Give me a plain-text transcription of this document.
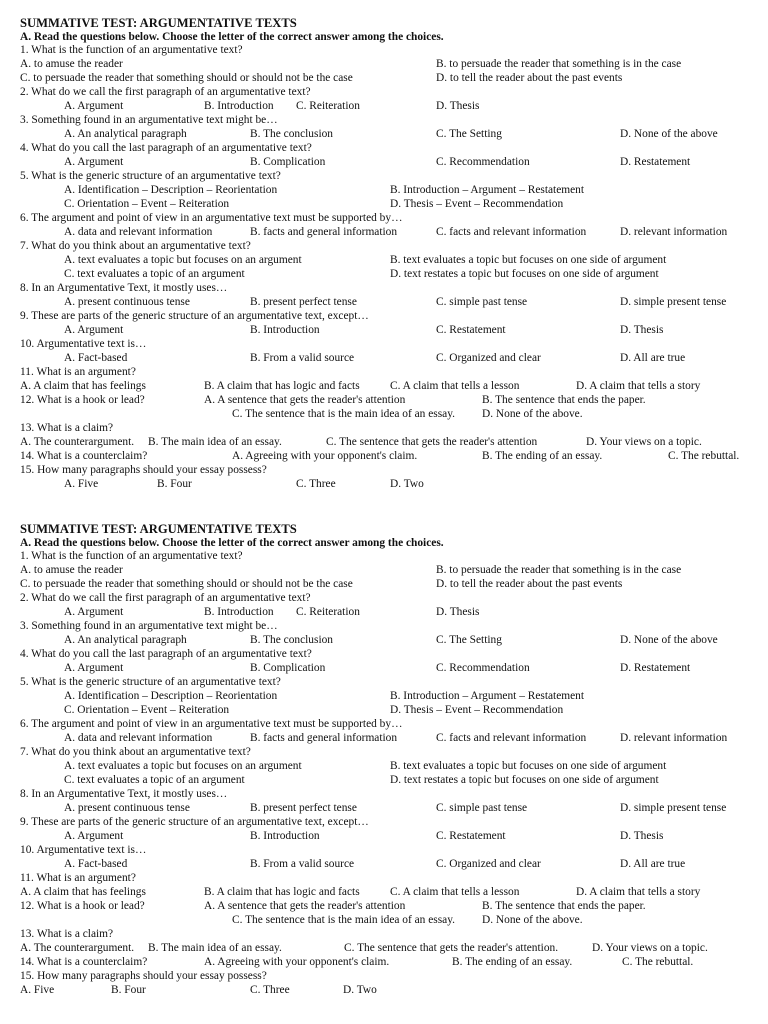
SUMMATIVE TEST: ARGUMENTATIVE TEXTS
A. Read the questions below. Choose the letter of the correct answer among the choices.
1. What is the function of an argumentative text?
A. to amuse the reader	B. to persuade the reader that something is in the case
C. to persuade the reader that something should or should not be the case	D. to tell the reader about the past events
2. What do we call the first paragraph of an argumentative text?
A. Argument	B. Introduction C. Reiteration	D. Thesis
3. Something found in an argumentative text might be…
A. An analytical paragraph	B. The conclusion	C. The Setting	D. None of the above
4. What do you call the last paragraph of an argumentative text?
A. Argument	B. Complication	C. Recommendation	D. Restatement
5. What is the generic structure of an argumentative text?
A. Identification – Description – Reorientation	B. Introduction – Argument – Restatement
C. Orientation – Event – Reiteration	D. Thesis – Event – Recommendation
6. The argument and point of view in an argumentative text must be supported by…
A. data and relevant information	B. facts and general information	C. facts and relevant information	D. relevant information
7. What do you think about an argumentative text?
A. text evaluates a topic but focuses on an argument	B. text evaluates a topic but focuses on one side of argument
C. text evaluates a topic of an argument	D. text restates a topic but focuses on one side of argument
8. In an Argumentative Text, it mostly uses…
A. present continuous tense	B. present perfect tense	C. simple past tense	D. simple present tense
9. These are parts of the generic structure of an argumentative text, except…
A. Argument	B. Introduction	C. Restatement	D. Thesis
10. Argumentative text is…
A. Fact-based	B. From a valid source	C. Organized and clear	D. All are true
11. What is an argument?
A. A claim that has feelings	B. A claim that has logic and facts	C. A claim that tells a lesson	D. A claim that tells a story
12. What is a hook or lead?	A. A sentence that gets the reader's attention	B. The sentence that ends the paper.
C. The sentence that is the main idea of an essay. D. None of the above.
13. What is a claim?
A. The counterargument. B. The main idea of an essay.	C. The sentence that gets the reader's attention	D. Your views on a topic.
14. What is a counterclaim?	A. Agreeing with your opponent's claim.	B. The ending of an essay.	C. The rebuttal.
15. How many paragraphs should your essay possess?
A. Five	B. Four	C. Three	D. Two
SUMMATIVE TEST: ARGUMENTATIVE TEXTS
A. Read the questions below. Choose the letter of the correct answer among the choices.
1. What is the function of an argumentative text?
A. to amuse the reader	B. to persuade the reader that something is in the case
C. to persuade the reader that something should or should not be the case	D. to tell the reader about the past events
2. What do we call the first paragraph of an argumentative text?
A. Argument	B. Introduction C. Reiteration	D. Thesis
3. Something found in an argumentative text might be…
A. An analytical paragraph	B. The conclusion	C. The Setting	D. None of the above
4. What do you call the last paragraph of an argumentative text?
A. Argument	B. Complication	C. Recommendation	D. Restatement
5. What is the generic structure of an argumentative text?
A. Identification – Description – Reorientation	B. Introduction – Argument – Restatement
C. Orientation – Event – Reiteration	D. Thesis – Event – Recommendation
6. The argument and point of view in an argumentative text must be supported by…
A. data and relevant information	B. facts and general information	C. facts and relevant information	D. relevant information
7. What do you think about an argumentative text?
A. text evaluates a topic but focuses on an argument	B. text evaluates a topic but focuses on one side of argument
C. text evaluates a topic of an argument	D. text restates a topic but focuses on one side of argument
8. In an Argumentative Text, it mostly uses…
A. present continuous tense	B. present perfect tense	C. simple past tense	D. simple present tense
9. These are parts of the generic structure of an argumentative text, except…
A. Argument	B. Introduction	C. Restatement	D. Thesis
10. Argumentative text is…
A. Fact-based	B. From a valid source	C. Organized and clear	D. All are true
11. What is an argument?
A. A claim that has feelings	B. A claim that has logic and facts	C. A claim that tells a lesson	D. A claim that tells a story
12. What is a hook or lead?	A. A sentence that gets the reader's attention	B. The sentence that ends the paper.
C. The sentence that is the main idea of an essay. D. None of the above.
13. What is a claim?
A. The counterargument. B. The main idea of an essay.	C. The sentence that gets the reader's attention.	D. Your views on a topic.
14. What is a counterclaim?	A. Agreeing with your opponent's claim.	B. The ending of an essay.	C. The rebuttal.
15. How many paragraphs should your essay possess?
A. Five	B. Four	C. Three	D. Two
